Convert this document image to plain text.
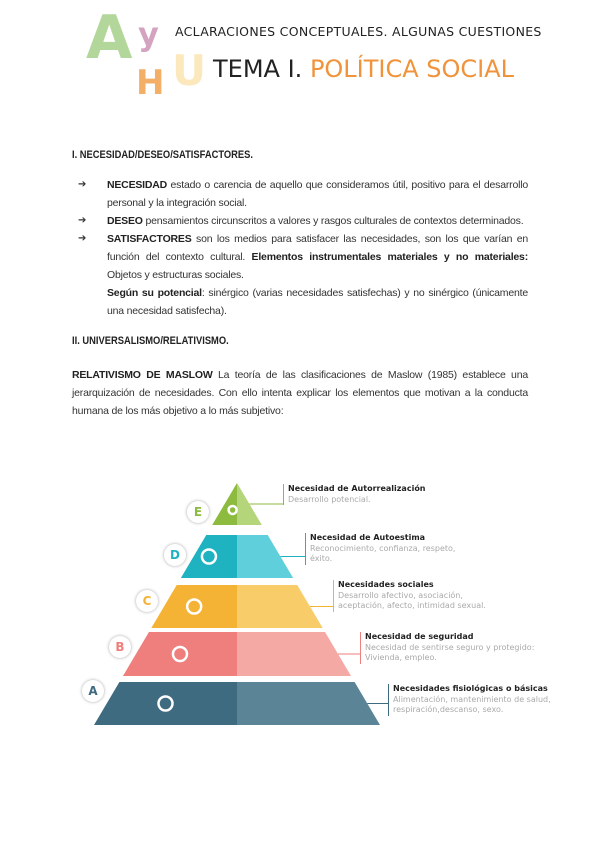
A y
H U
ACLARACIONES CONCEPTUALES. ALGUNAS CUESTIONES
TEMA I. POLÍTICA SOCIAL
I. NECESIDAD/DESEO/SATISFACTORES.
➔ NECESIDAD estado o carencia de aquello que consideramos útil, positivo para el desarrollo personal y la integración social.
➔ DESEO pensamientos circunscritos a valores y rasgos culturales de contextos determinados.
➔ SATISFACTORES son los medios para satisfacer las necesidades, son los que varían en función del contexto cultural. Elementos instrumentales materiales y no materiales: Objetos y estructuras sociales.
Según su potencial: sinérgico (varias necesidades satisfechas) y no sinérgico (únicamente una necesidad satisfecha).
II. UNIVERSALISMO/RELATIVISMO.
RELATIVISMO DE MASLOW La teoría de las clasificaciones de Maslow (1985) establece una jerarquización de necesidades. Con ello intenta explicar los elementos que motivan a la conducta humana de los más objetivo a lo más subjetivo:
E
Necesidad de Autorrealización
Desarrollo potencial.
D
Necesidad de Autoestima
Reconocimiento, confianza, respeto, éxito.
C
Necesidades sociales
Desarrollo afectivo, asociación, aceptación, afecto, intimidad sexual.
B
Necesidad de seguridad
Necesidad de sentirse seguro y protegido: Vivienda, empleo.
A	Necesidades fisiológicas o básicas
Alimentación, mantenimiento de salud, respiración,descanso, sexo.
